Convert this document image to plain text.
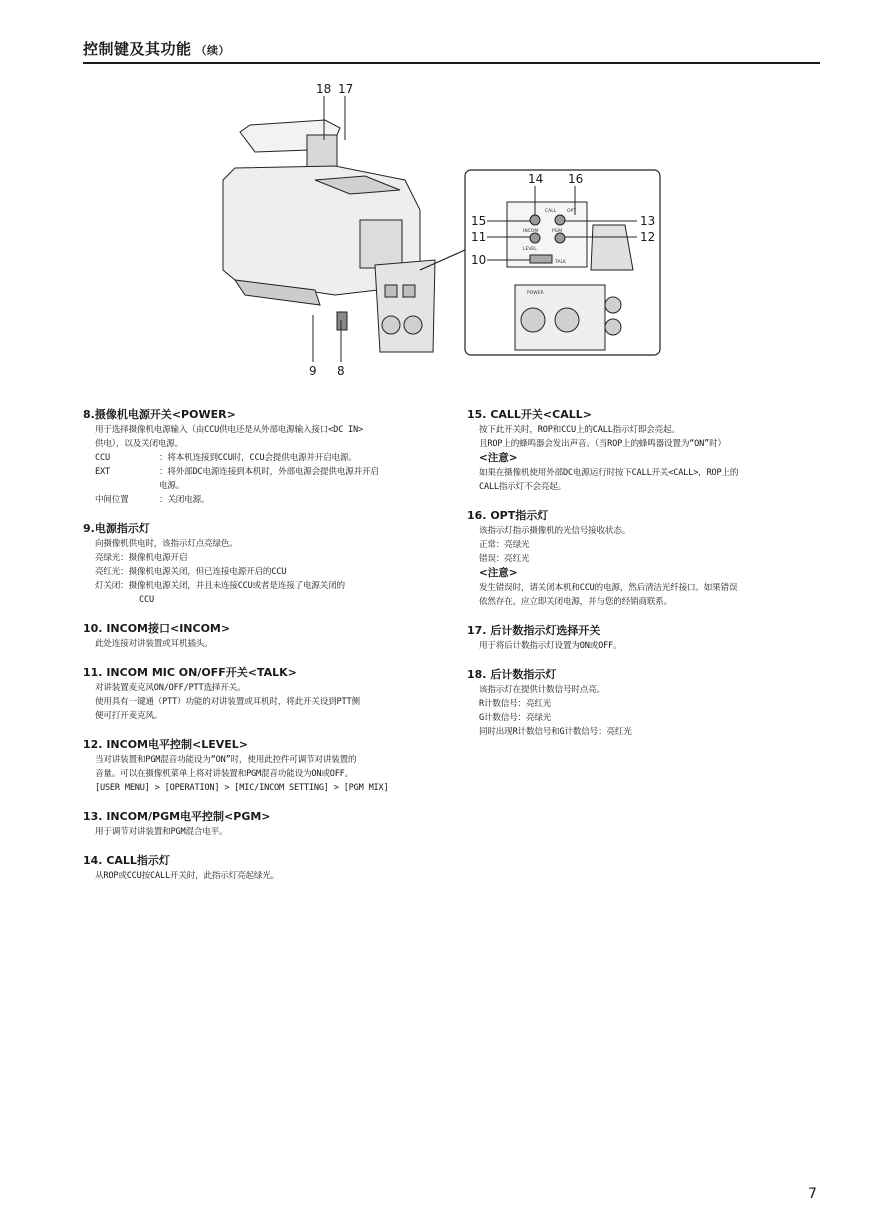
控制键及其功能 （续）
INCOM	PGM
LEVEL
POWER
CALL OPT
TALK
18 17
9 8
14 16
15
11
10
13
12
8.摄像机电源开关<POWER>

用于选择摄像机电源输入（由CCU供电还是从外部电源输入接口<DC IN>

供电），以及关闭电源。

CCU	：将本机连接到CCU时，CCU会提供电源并开启电源。
EXT	：将外部DC电源连接到本机时，外部电源会提供电源并开启

电源。

中间位置	：关闭电源。
9.电源指示灯

向摄像机供电时，该指示灯点亮绿色。

亮绿光：摄像机电源开启

亮红光：摄像机电源关闭，但已连接电源开启的CCU

灯关闭：摄像机电源关闭，并且未连接CCU或者是连接了电源关闭的

CCU

10. INCOM接口<INCOM>

此处连接对讲装置或耳机插头。

11. INCOM MIC ON/OFF开关<TALK>

对讲装置麦克风ON/OFF/PTT选择开关。

使用具有一键通（PTT）功能的对讲装置或耳机时，将此开关设到PTT侧

便可打开麦克风。

12. INCOM电平控制<LEVEL>

当对讲装置和PGM混音功能设为“ON”时，使用此控件可调节对讲装置的

音量。可以在摄像机菜单上将对讲装置和PGM混音功能设为ON或OFF。

[USER MENU] > [OPERATION] > [MIC/INCOM SETTING] > [PGM MIX]

13. INCOM/PGM电平控制<PGM>

用于调节对讲装置和PGM混合电平。

14. CALL指示灯

从ROP或CCU按CALL开关时，此指示灯亮起绿光。

15. CALL开关<CALL>

按下此开关时，ROP和CCU上的CALL指示灯即会亮起。

且ROP上的蜂鸣器会发出声音。（当ROP上的蜂鸣器设置为“ON”时）

<注意>

如果在摄像机使用外部DC电源运行时按下CALL开关<CALL>，ROP上的

CALL指示灯不会亮起。

16. OPT指示灯

该指示灯指示摄像机的光信号接收状态。

正常：亮绿光

错误：亮红光

<注意>

发生错误时，请关闭本机和CCU的电源，然后清洁光纤接口。如果错误

依然存在，应立即关闭电源，并与您的经销商联系。

17. 后计数指示灯选择开关

用于将后计数指示灯设置为ON或OFF。

18. 后计数指示灯

该指示灯在提供计数信号时点亮。

R计数信号：亮红光

G计数信号：亮绿光

同时出现R计数信号和G计数信号：亮红光

7
